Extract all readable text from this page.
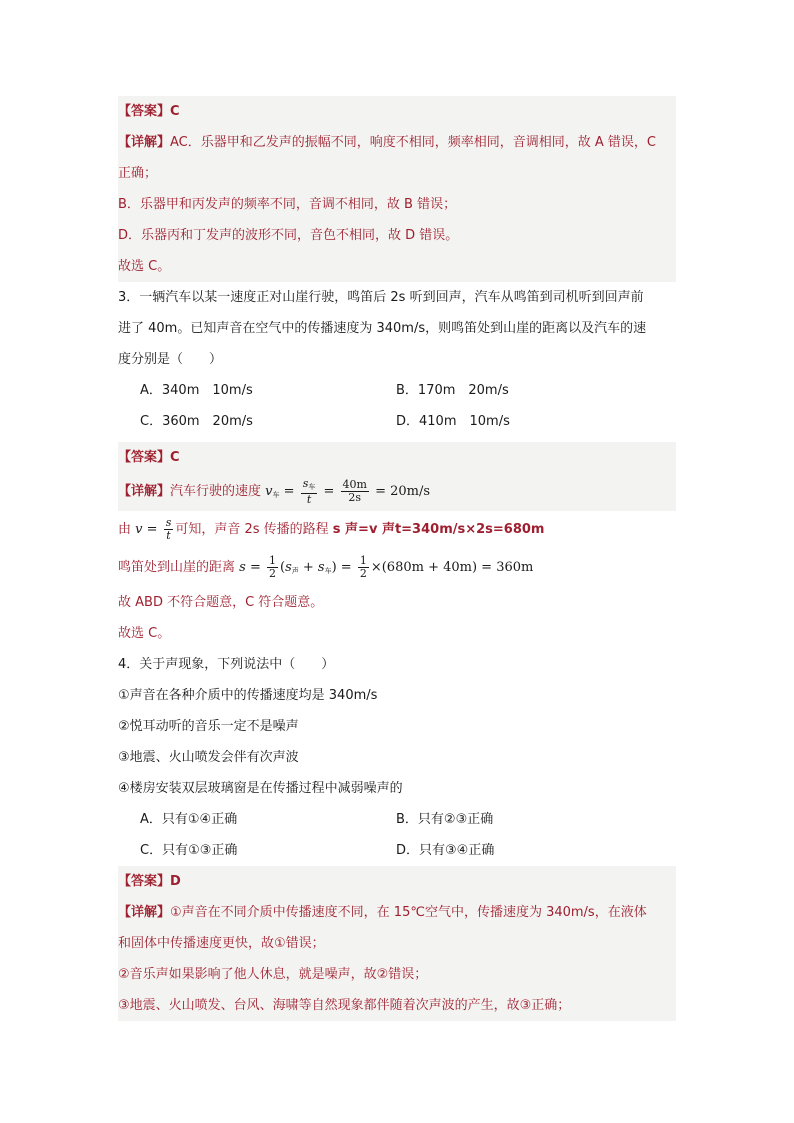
【答案】C
【详解】AC．乐器甲和乙发声的振幅不同，响度不相同，频率相同，音调相同，故 A 错误，C
正确；
B．乐器甲和丙发声的频率不同，音调不相同，故 B 错误；
D．乐器丙和丁发声的波形不同，音色不相同，故 D 错误。
故选 C。
3．一辆汽车以某一速度正对山崖行驶，鸣笛后 2s 听到回声，汽车从鸣笛到司机听到回声前
进了 40m。已知声音在空气中的传播速度为 340m/s，则鸣笛处到山崖的距离以及汽车的速
度分别是（　　）
A．340m　10m/s	B．170m　20m/s
C．360m　20m/s	D．410m　10m/s
【答案】C
【详解】汽车行驶的速度 $v_车 = \frac{s_车}{t} = \frac{40m}{2s} = 20m/s$
由 $v = \frac{s}{t}$ 可知，声音 2s 传播的路程 s 声=v 声t=340m/s×2s=680m
鸣笛处到山崖的距离 $s = \frac{1}{2} (s_声 + s_车) = \frac{1}{2} \times(680m + 40m) = 360m$
故 ABD 不符合题意，C 符合题意。
故选 C。
4．关于声现象，下列说法中（　　）
①声音在各种介质中的传播速度均是 340m/s
②悦耳动听的音乐一定不是噪声
③地震、火山喷发会伴有次声波
④楼房安装双层玻璃窗是在传播过程中减弱噪声的
A．只有①④正确	B．只有②③正确
C．只有①③正确	D．只有③④正确
【答案】D
【详解】①声音在不同介质中传播速度不同，在 15℃空气中，传播速度为 340m/s，在液体
和固体中传播速度更快，故①错误；
②音乐声如果影响了他人休息，就是噪声，故②错误；
③地震、火山喷发、台风、海啸等自然现象都伴随着次声波的产生，故③正确；
